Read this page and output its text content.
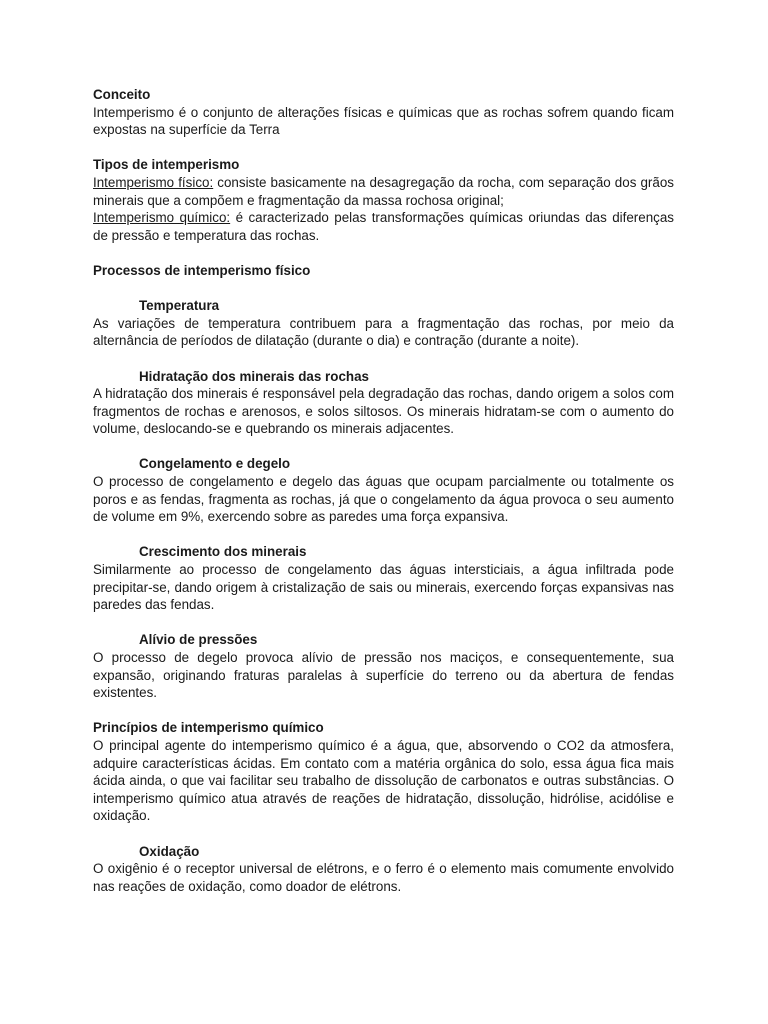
Conceito

Intemperismo é o conjunto de alterações físicas e químicas que as rochas sofrem quando ficam expostas na superfície da Terra

Tipos de intemperismo

Intemperismo físico: consiste basicamente na desagregação da rocha, com separação dos grãos minerais que a compõem e fragmentação da massa rochosa original;

Intemperismo químico: é caracterizado pelas transformações químicas oriundas das diferenças de pressão e temperatura das rochas.

Processos de intemperismo físico

Temperatura

As variações de temperatura contribuem para a fragmentação das rochas, por meio da alternância de períodos de dilatação (durante o dia) e contração (durante a noite).

Hidratação dos minerais das rochas

A hidratação dos minerais é responsável pela degradação das rochas, dando origem a solos com fragmentos de rochas e arenosos, e solos siltosos. Os minerais hidratam-se com o aumento do volume, deslocando-se e quebrando os minerais adjacentes.

Congelamento e degelo

O processo de congelamento e degelo das águas que ocupam parcialmente ou totalmente os poros e as fendas, fragmenta as rochas, já que o congelamento da água provoca o seu aumento de volume em 9%, exercendo sobre as paredes uma força expansiva.

Crescimento dos minerais

Similarmente ao processo de congelamento das águas intersticiais, a água infiltrada pode precipitar-se, dando origem à cristalização de sais ou minerais, exercendo forças expansivas nas paredes das fendas.

Alívio de pressões

O processo de degelo provoca alívio de pressão nos maciços, e consequentemente, sua expansão, originando fraturas paralelas à superfície do terreno ou da abertura de fendas existentes.

Princípios de intemperismo químico

O principal agente do intemperismo químico é a água, que, absorvendo o CO2 da atmosfera, adquire características ácidas. Em contato com a matéria orgânica do solo, essa água fica mais ácida ainda, o que vai facilitar seu trabalho de dissolução de carbonatos e outras substâncias. O intemperismo químico atua através de reações de hidratação, dissolução, hidrólise, acidólise e oxidação.

Oxidação

O oxigênio é o receptor universal de elétrons, e o ferro é o elemento mais comumente envolvido nas reações de oxidação, como doador de elétrons.
